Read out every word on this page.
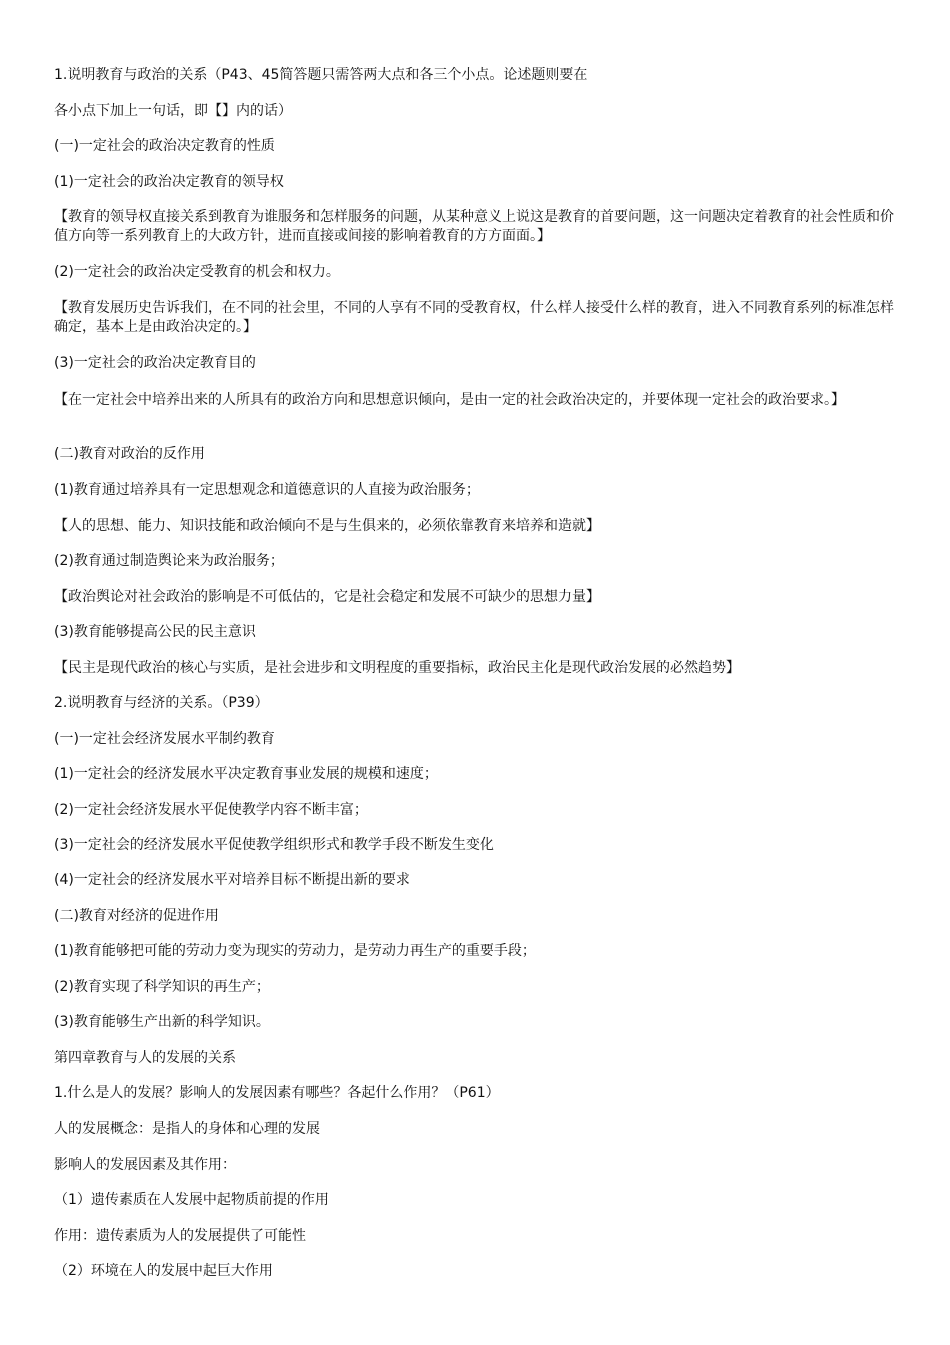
1.说明教育与政治的关系（P43、45简答题只需答两大点和各三个小点。论述题则要在
各小点下加上一句话，即【】内的话）
(一)一定社会的政治决定教育的性质
(1)一定社会的政治决定教育的领导权
【教育的领导权直接关系到教育为谁服务和怎样服务的问题，从某种意义上说这是教育的首要问题，这一问题决定着教育的社会性质和价值方向等一系列教育上的大政方针，进而直接或间接的影响着教育的方方面面。】
(2)一定社会的政治决定受教育的机会和权力。
【教育发展历史告诉我们，在不同的社会里，不同的人享有不同的受教育权，什么样人接受什么样的教育，进入不同教育系列的标准怎样确定，基本上是由政治决定的。】
(3)一定社会的政治决定教育目的
【在一定社会中培养出来的人所具有的政治方向和思想意识倾向，是由一定的社会政治决定的，并要体现一定社会的政治要求。】
(二)教育对政治的反作用
(1)教育通过培养具有一定思想观念和道德意识的人直接为政治服务；
【人的思想、能力、知识技能和政治倾向不是与生俱来的，必须依靠教育来培养和造就】
(2)教育通过制造舆论来为政治服务；
【政治舆论对社会政治的影响是不可低估的，它是社会稳定和发展不可缺少的思想力量】
(3)教育能够提高公民的民主意识
【民主是现代政治的核心与实质，是社会进步和文明程度的重要指标，政治民主化是现代政治发展的必然趋势】
2.说明教育与经济的关系。（P39）
(一)一定社会经济发展水平制约教育
(1)一定社会的经济发展水平决定教育事业发展的规模和速度；
(2)一定社会经济发展水平促使教学内容不断丰富；
(3)一定社会的经济发展水平促使教学组织形式和教学手段不断发生变化
(4)一定社会的经济发展水平对培养目标不断提出新的要求
(二)教育对经济的促进作用
(1)教育能够把可能的劳动力变为现实的劳动力，是劳动力再生产的重要手段；
(2)教育实现了科学知识的再生产；
(3)教育能够生产出新的科学知识。
第四章教育与人的发展的关系
1.什么是人的发展？影响人的发展因素有哪些？各起什么作用？（P61）
人的发展概念：是指人的身体和心理的发展
影响人的发展因素及其作用：
（1）遗传素质在人发展中起物质前提的作用
作用：遗传素质为人的发展提供了可能性
（2）环境在人的发展中起巨大作用
